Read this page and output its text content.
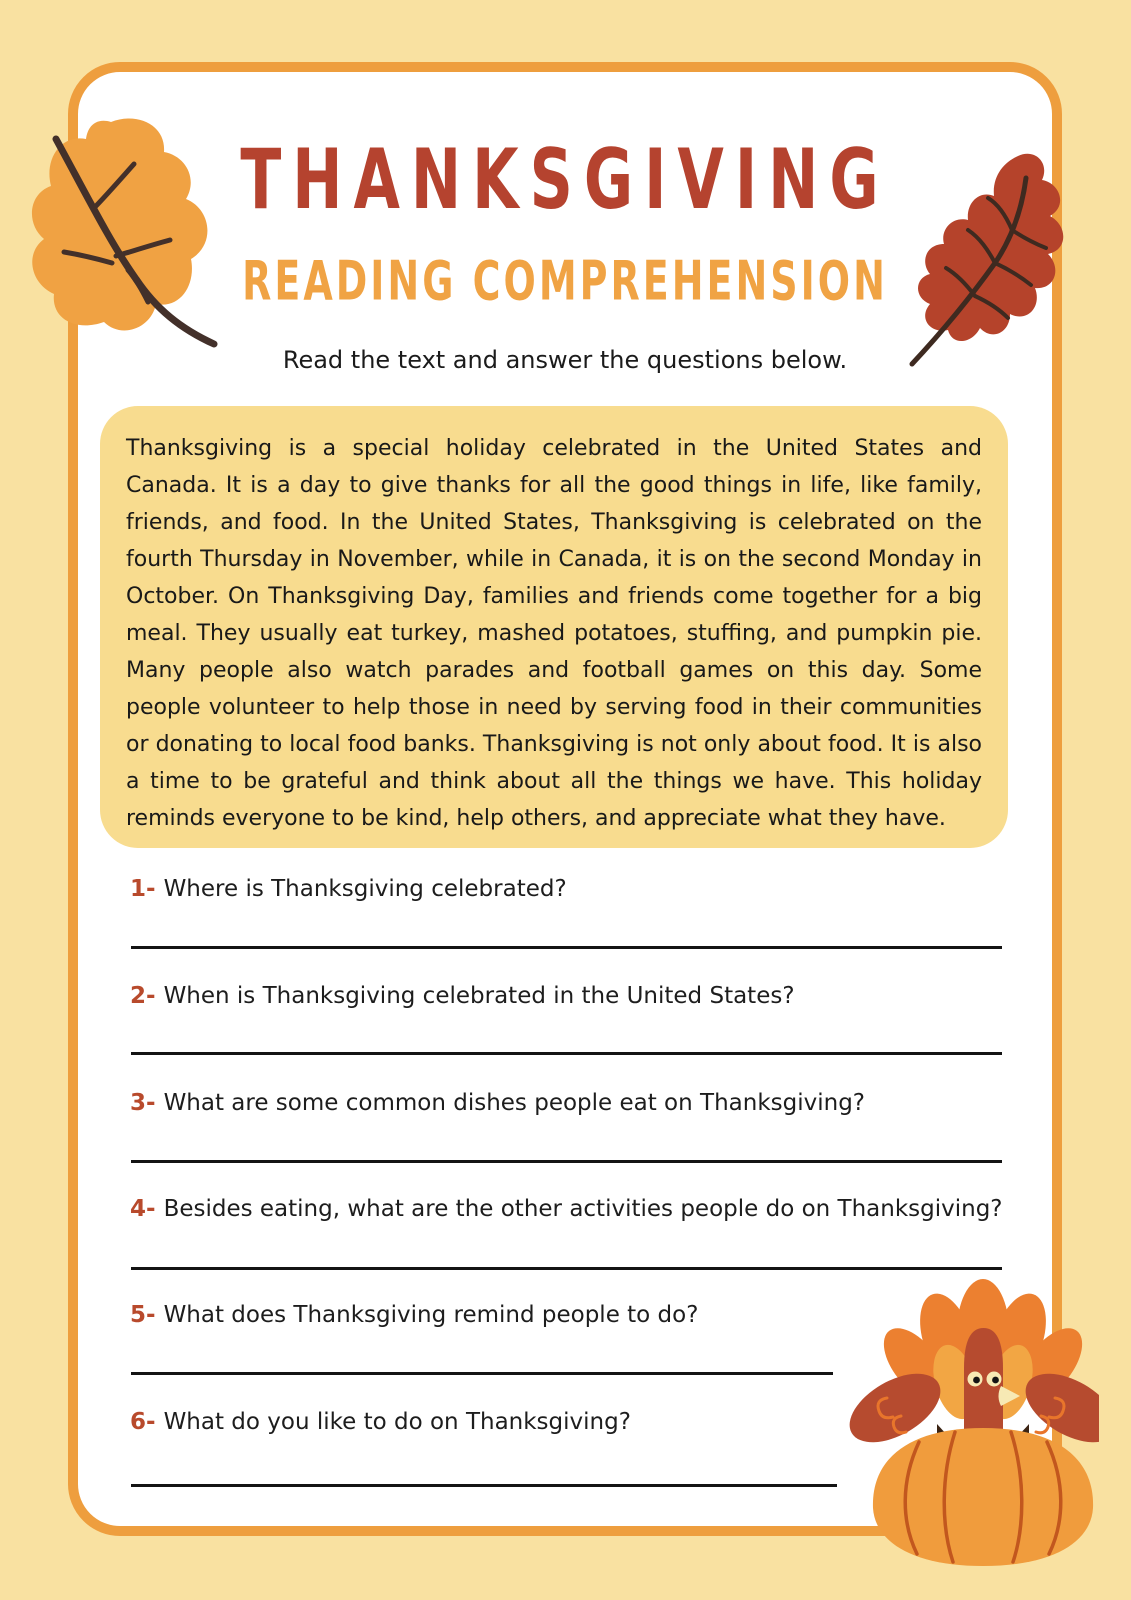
THANKSGIVING
READING COMPREHENSION
Read the text and answer the questions below.
Thanksgiving is a special holiday celebrated in the United States and Canada. It is a day to give thanks for all the good things in life, like family, friends, and food. In the United States, Thanksgiving is celebrated on the fourth Thursday in November, while in Canada, it is on the second Monday in October. On Thanksgiving Day, families and friends come together for a big meal. They usually eat turkey, mashed potatoes, stuffing, and pumpkin pie. Many people also watch parades and football games on this day. Some people volunteer to help those in need by serving food in their communities or donating to local food banks. Thanksgiving is not only about food. It is also a time to be grateful and think about all the things we have. This holiday reminds everyone to be kind, help others, and appreciate what they have.
1- Where is Thanksgiving celebrated?
2- When is Thanksgiving celebrated in the United States?
3- What are some common dishes people eat on Thanksgiving?
4- Besides eating, what are the other activities people do on Thanksgiving?
5- What does Thanksgiving remind people to do?
6- What do you like to do on Thanksgiving?
